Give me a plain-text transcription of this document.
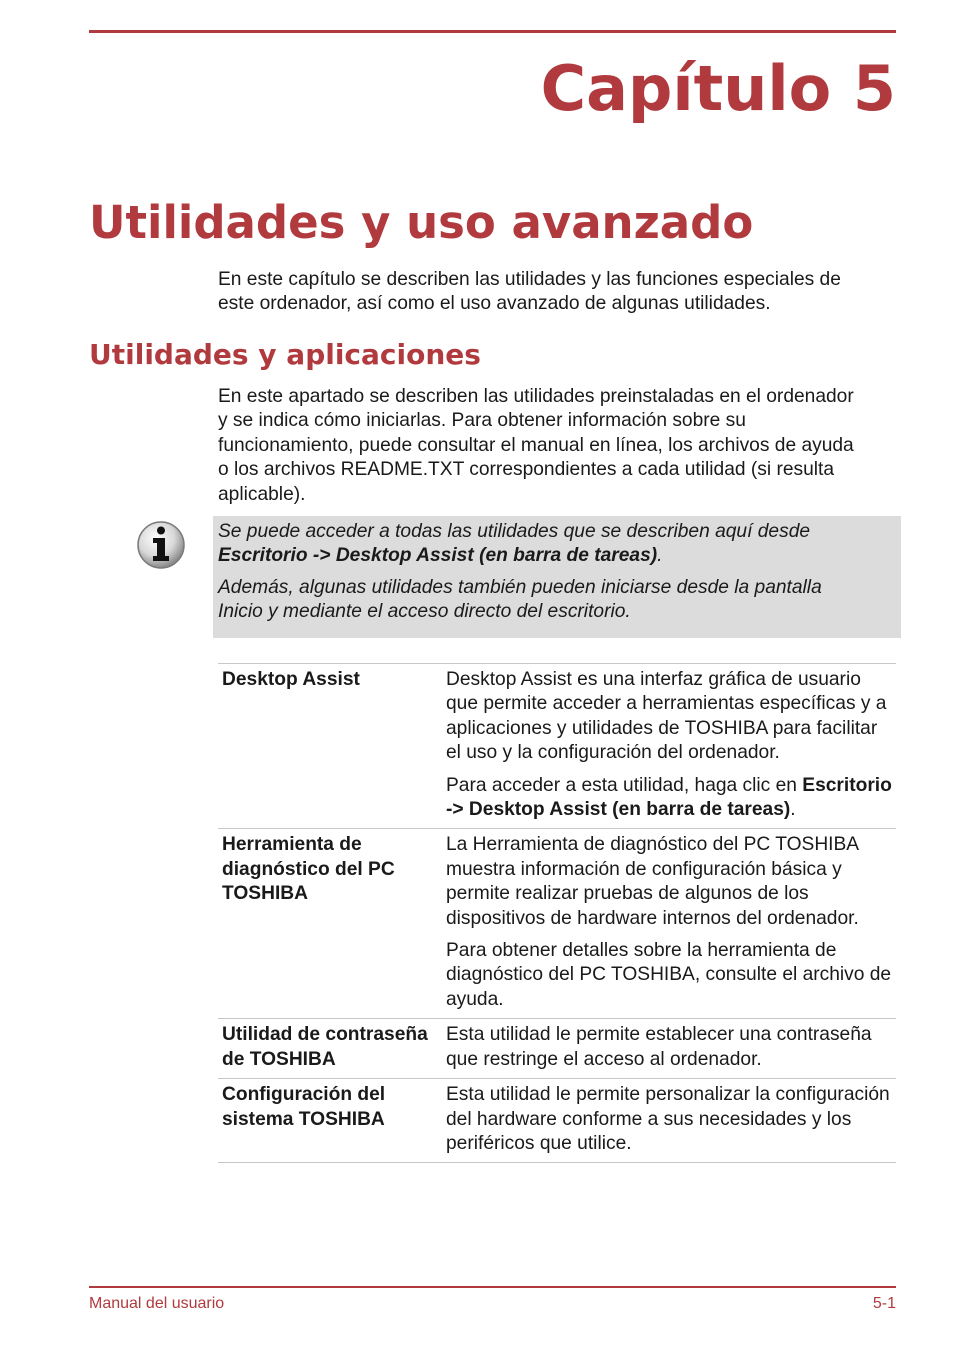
Capítulo 5
Utilidades y uso avanzado

En este capítulo se describen las utilidades y las funciones especiales de
este ordenador, así como el uso avanzado de algunas utilidades.

Utilidades y aplicaciones

En este apartado se describen las utilidades preinstaladas en el ordenador
y se indica cómo iniciarlas. Para obtener información sobre su
funcionamiento, puede consultar el manual en línea, los archivos de ayuda
o los archivos README.TXT correspondientes a cada utilidad (si resulta
aplicable).

Se puede acceder a todas las utilidades que se describen aquí desde
Escritorio -> Desktop Assist (en barra de tareas).

Además, algunas utilidades también pueden iniciarse desde la pantalla
Inicio y mediante el acceso directo del escritorio.

Desktop Assist	Desktop Assist es una interfaz gráfica de usuario que permite acceder a herramientas específicas y a aplicaciones y utilidades de TOSHIBA para facilitar el uso y la configuración del ordenador.

Para acceder a esta utilidad, haga clic en Escritorio -> Desktop Assist (en barra de tareas).

Herramienta de diagnóstico del PC TOSHIBA	La Herramienta de diagnóstico del PC TOSHIBA muestra información de configuración básica y permite realizar pruebas de algunos de los dispositivos de hardware internos del ordenador.

Para obtener detalles sobre la herramienta de diagnóstico del PC TOSHIBA, consulte el archivo de ayuda.

Utilidad de contraseña de TOSHIBA	Esta utilidad le permite establecer una contraseña que restringe el acceso al ordenador.

Configuración del sistema TOSHIBA	Esta utilidad le permite personalizar la configuración del hardware conforme a sus necesidades y los periféricos que utilice.

Manual del usuario	5-1
